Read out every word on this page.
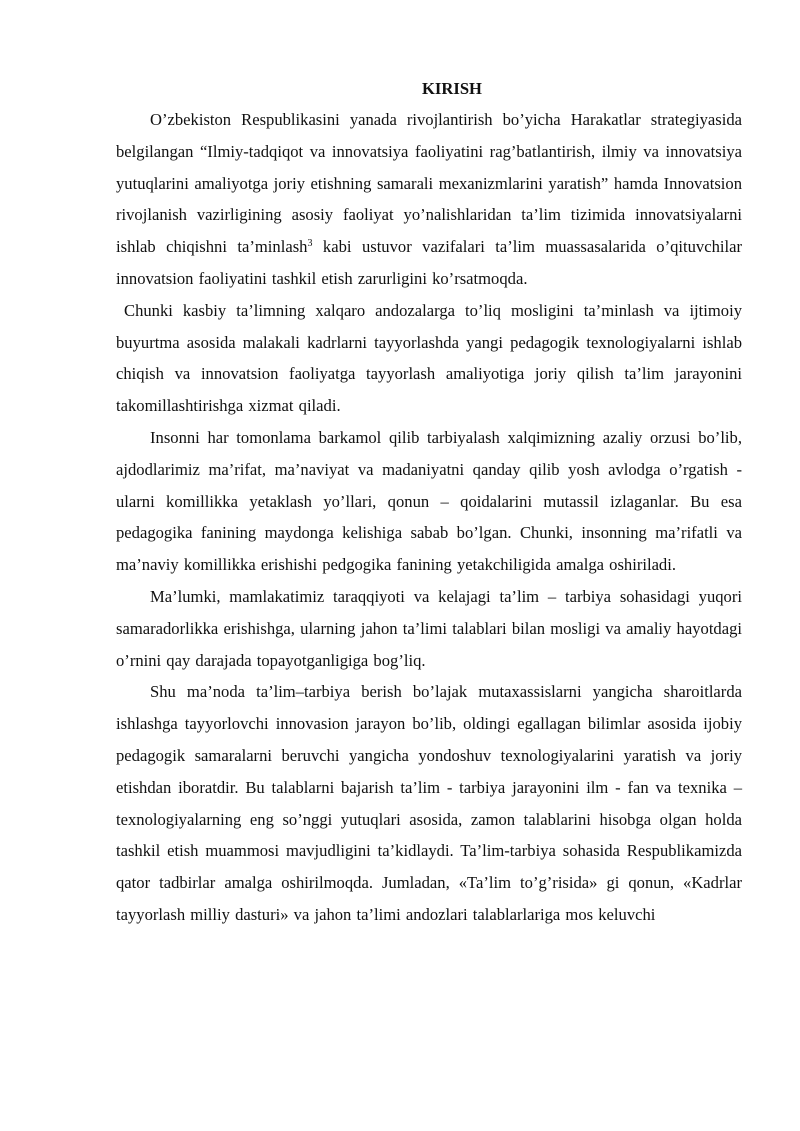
KIRISH

O’zbekiston Respublikasini yanada rivojlantirish bo’yicha Harakatlar strategiyasida belgilangan “Ilmiy-tadqiqot va innovatsiya faoliyatini rag’batlantirish, ilmiy va innovatsiya yutuqlarini amaliyotga joriy etishning samarali mexanizmlarini yaratish” hamda Innovatsion rivojlanish vazirligining asosiy faoliyat yo’nalishlaridan ta’lim tizimida innovatsiyalarni ishlab chiqishni ta’minlash$^3$ kabi ustuvor vazifalari ta’lim muassasalarida o’qituvchilar innovatsion faoliyatini tashkil etish zarurligini ko’rsatmoqda.

Chunki kasbiy ta’limning xalqaro andozalarga to’liq mosligini ta’minlash va ijtimoiy buyurtma asosida malakali kadrlarni tayyorlashda yangi pedagogik texnologiyalarni ishlab chiqish va innovatsion faoliyatga tayyorlash amaliyotiga joriy qilish ta’lim jarayonini takomillashtirishga xizmat qiladi.

Insonni har tomonlama barkamol qilib tarbiyalash xalqimizning azaliy orzusi bo’lib, ajdodlarimiz ma’rifat, ma’naviyat va madaniyatni qanday qilib yosh avlodga o’rgatish - ularni komillikka yetaklash yo’llari, qonun – qoidalarini mutassil izlaganlar. Bu esa pedagogika fanining maydonga kelishiga sabab bo’lgan. Chunki, insonning ma’rifatli va ma’naviy komillikka erishishi pedgogika fanining yetakchiligida amalga oshiriladi.

Ma’lumki, mamlakatimiz taraqqiyoti va kelajagi ta’lim – tarbiya sohasidagi yuqori samaradorlikka erishishga, ularning jahon ta’limi talablari bilan mosligi va amaliy hayotdagi o’rnini qay darajada topayotganligiga bog’liq.

Shu ma’noda ta’lim–tarbiya berish bo’lajak mutaxassislarni yangicha sharoitlarda ishlashga tayyorlovchi innovasion jarayon bo’lib, oldingi egallagan bilimlar asosida ijobiy pedagogik samaralarni beruvchi yangicha yondoshuv texnologiyalarini yaratish va joriy etishdan iboratdir. Bu talablarni bajarish ta’lim - tarbiya jarayonini ilm - fan va texnika – texnologiyalarning eng so’nggi yutuqlari asosida, zamon talablarini hisobga olgan holda tashkil etish muammosi mavjudligini ta’kidlaydi. Ta’lim-tarbiya sohasida Respublikamizda qator tadbirlar amalga oshirilmoqda. Jumladan, «Ta’lim to’g’risida» gi qonun, «Kadrlar tayyorlash milliy dasturi» va jahon ta’limi andozlari talablarlariga mos keluvchi
